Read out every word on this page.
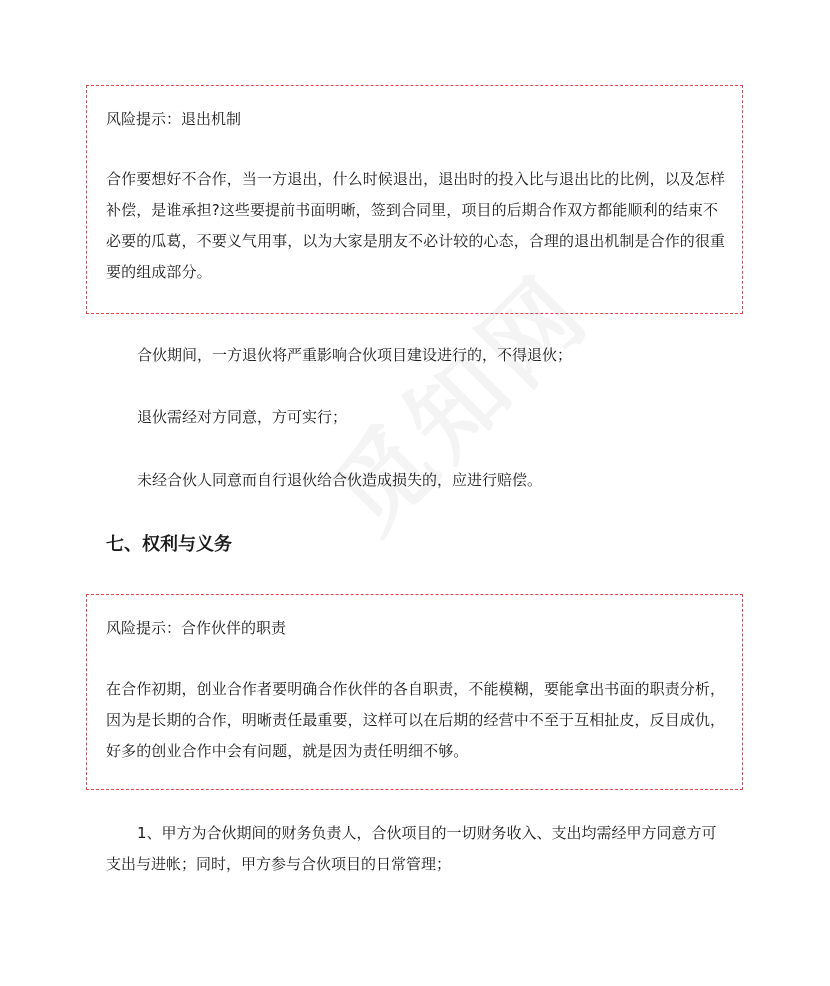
风险提示：退出机制
合作要想好不合作，当一方退出，什么时候退出，退出时的投入比与退出比的比例，以及怎样补偿，是谁承担?这些要提前书面明晰，签到合同里，项目的后期合作双方都能顺利的结束不必要的瓜葛，不要义气用事，以为大家是朋友不必计较的心态，合理的退出机制是合作的很重要的组成部分。
合伙期间，一方退伙将严重影响合伙项目建设进行的，不得退伙；
退伙需经对方同意，方可实行；
未经合伙人同意而自行退伙给合伙造成损失的，应进行赔偿。
七、权利与义务
风险提示：合作伙伴的职责
在合作初期，创业合作者要明确合作伙伴的各自职责，不能模糊，要能拿出书面的职责分析，因为是长期的合作，明晰责任最重要，这样可以在后期的经营中不至于互相扯皮，反目成仇，好多的创业合作中会有问题，就是因为责任明细不够。
1、甲方为合伙期间的财务负责人，合伙项目的一切财务收入、支出均需经甲方同意方可支出与进帐；同时，甲方参与合伙项目的日常管理；
